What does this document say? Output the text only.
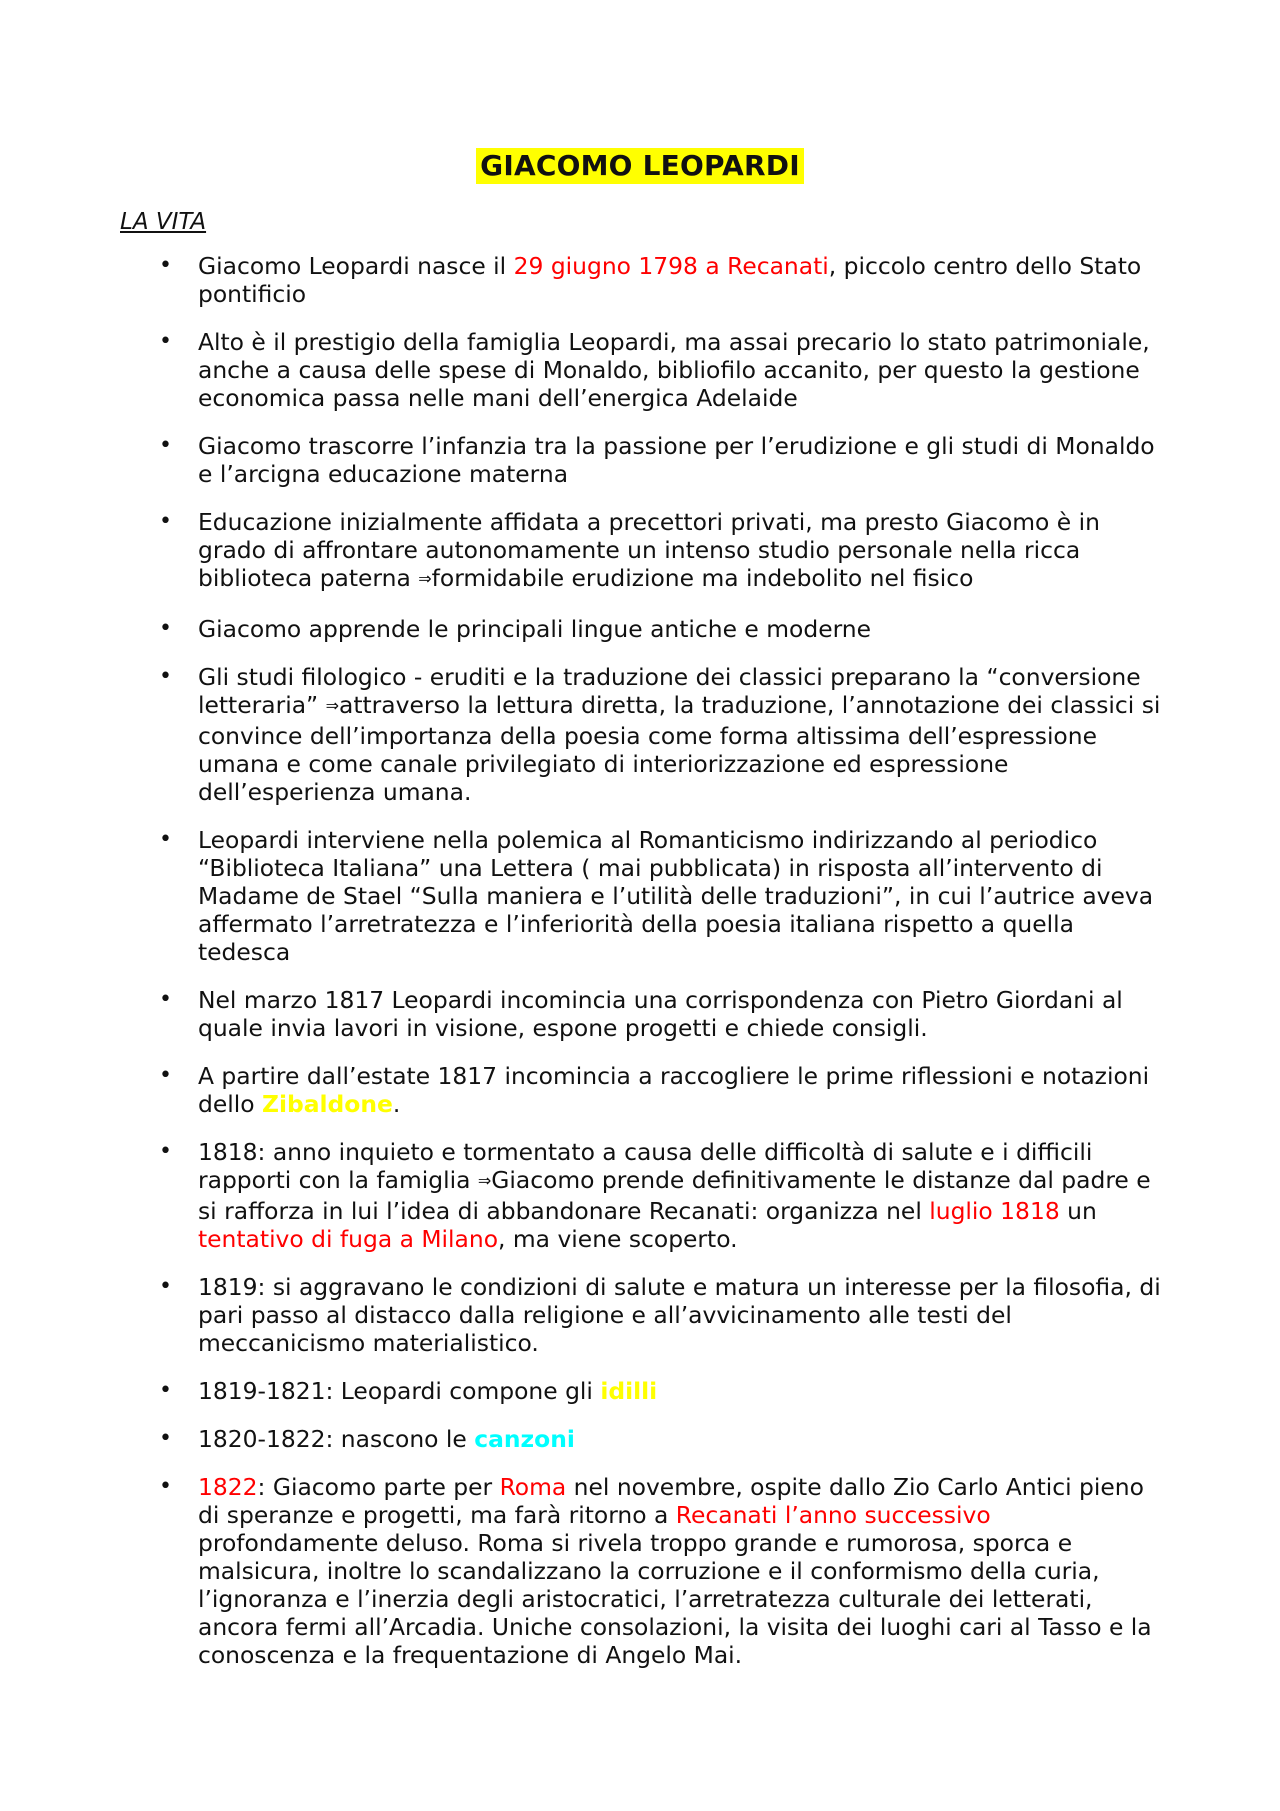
GIACOMO LEOPARDI
LA VITA
• Giacomo Leopardi nasce il 29 giugno 1798 a Recanati, piccolo centro dello Stato pontificio
• Alto è il prestigio della famiglia Leopardi, ma assai precario lo stato patrimoniale, anche a causa delle spese di Monaldo, bibliofilo accanito, per questo la gestione economica passa nelle mani dell’energica Adelaide
• Giacomo trascorre l’infanzia tra la passione per l’erudizione e gli studi di Monaldo e l’arcigna educazione materna
• Educazione inizialmente affidata a precettori privati, ma presto Giacomo è in grado di affrontare autonomamente un intenso studio personale nella ricca biblioteca paterna ⇒formidabile erudizione ma indebolito nel fisico
• Giacomo apprende le principali lingue antiche e moderne
• Gli studi filologico - eruditi e la traduzione dei classici preparano la “conversione letteraria” ⇒attraverso la lettura diretta, la traduzione, l’annotazione dei classici si convince dell’importanza della poesia come forma altissima dell’espressione umana e come canale privilegiato di interiorizzazione ed espressione dell’esperienza umana.
• Leopardi interviene nella polemica al Romanticismo indirizzando al periodico “Biblioteca Italiana” una Lettera ( mai pubblicata) in risposta all’intervento di Madame de Stael “Sulla maniera e l’utilità delle traduzioni”, in cui l’autrice aveva affermato l’arretratezza e l’inferiorità della poesia italiana rispetto a quella tedesca
• Nel marzo 1817 Leopardi incomincia una corrispondenza con Pietro Giordani al quale invia lavori in visione, espone progetti e chiede consigli.
• A partire dall’estate 1817 incomincia a raccogliere le prime riflessioni e notazioni dello Zibaldone.
• 1818: anno inquieto e tormentato a causa delle difficoltà di salute e i difficili rapporti con la famiglia ⇒Giacomo prende definitivamente le distanze dal padre e si rafforza in lui l’idea di abbandonare Recanati: organizza nel luglio 1818 un tentativo di fuga a Milano, ma viene scoperto.
• 1819: si aggravano le condizioni di salute e matura un interesse per la filosofia, di pari passo al distacco dalla religione e all’avvicinamento alle testi del meccanicismo materialistico.
• 1819-1821: Leopardi compone gli idilli
• 1820-1822: nascono le canzoni
• 1822: Giacomo parte per Roma nel novembre, ospite dallo Zio Carlo Antici pieno di speranze e progetti, ma farà ritorno a Recanati l’anno successivo profondamente deluso. Roma si rivela troppo grande e rumorosa, sporca e malsicura, inoltre lo scandalizzano la corruzione e il conformismo della curia, l’ignoranza e l’inerzia degli aristocratici, l’arretratezza culturale dei letterati, ancora fermi all’Arcadia. Uniche consolazioni, la visita dei luoghi cari al Tasso e la conoscenza e la frequentazione di Angelo Mai.
